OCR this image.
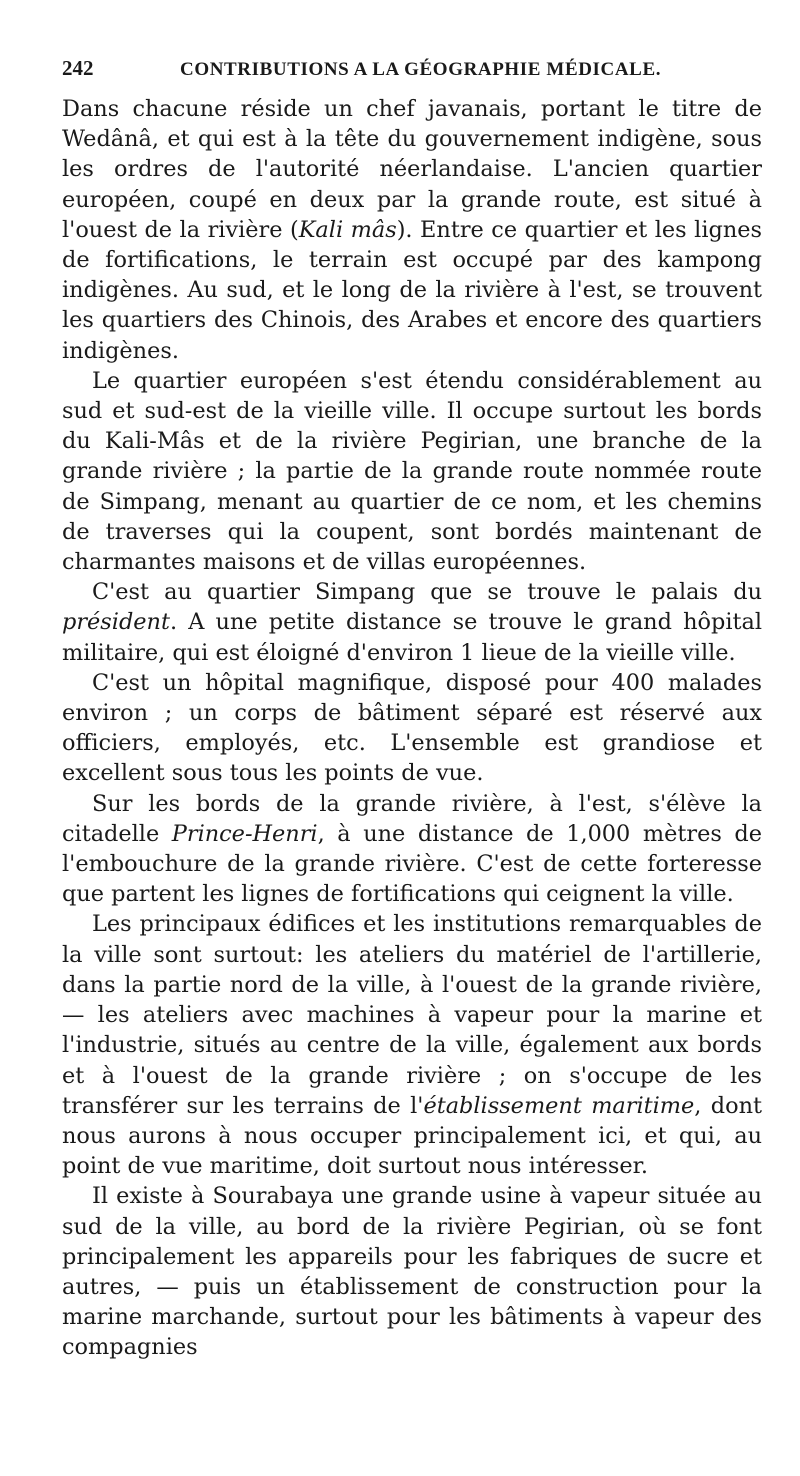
242	CONTRIBUTIONS A LA GÉOGRAPHIE MÉDICALE.

Dans chacune réside un chef javanais, portant le titre de Wedânâ, et qui est à la tête du gouvernement indigène, sous les ordres de l'autorité néerlandaise. L'ancien quartier européen, coupé en deux par la grande route, est situé à l'ouest de la rivière (Kali mâs). Entre ce quartier et les lignes de fortifications, le terrain est occupé par des kampong indigènes. Au sud, et le long de la rivière à l'est, se trouvent les quartiers des Chinois, des Arabes et encore des quartiers indigènes.

Le quartier européen s'est étendu considérablement au sud et sud-est de la vieille ville. Il occupe surtout les bords du Kali-Mâs et de la rivière Pegirian, une branche de la grande rivière ; la partie de la grande route nommée route de Simpang, menant au quartier de ce nom, et les chemins de traverses qui la coupent, sont bordés maintenant de charmantes maisons et de villas européennes.

C'est au quartier Simpang que se trouve le palais du président. A une petite distance se trouve le grand hôpital militaire, qui est éloigné d'environ 1 lieue de la vieille ville.

C'est un hôpital magnifique, disposé pour 400 malades environ ; un corps de bâtiment séparé est réservé aux officiers, employés, etc. L'ensemble est grandiose et excellent sous tous les points de vue.

Sur les bords de la grande rivière, à l'est, s'élève la citadelle Prince-Henri, à une distance de 1,000 mètres de l'embouchure de la grande rivière. C'est de cette forteresse que partent les lignes de fortifications qui ceignent la ville.

Les principaux édifices et les institutions remarquables de la ville sont surtout: les ateliers du matériel de l'artillerie, dans la partie nord de la ville, à l'ouest de la grande rivière, — les ateliers avec machines à vapeur pour la marine et l'industrie, situés au centre de la ville, également aux bords et à l'ouest de la grande rivière ; on s'occupe de les transférer sur les terrains de l'établissement maritime, dont nous aurons à nous occuper principalement ici, et qui, au point de vue maritime, doit surtout nous intéresser.

Il existe à Sourabaya une grande usine à vapeur située au sud de la ville, au bord de la rivière Pegirian, où se font principalement les appareils pour les fabriques de sucre et autres, — puis un établissement de construction pour la marine marchande, surtout pour les bâtiments à vapeur des compagnies
